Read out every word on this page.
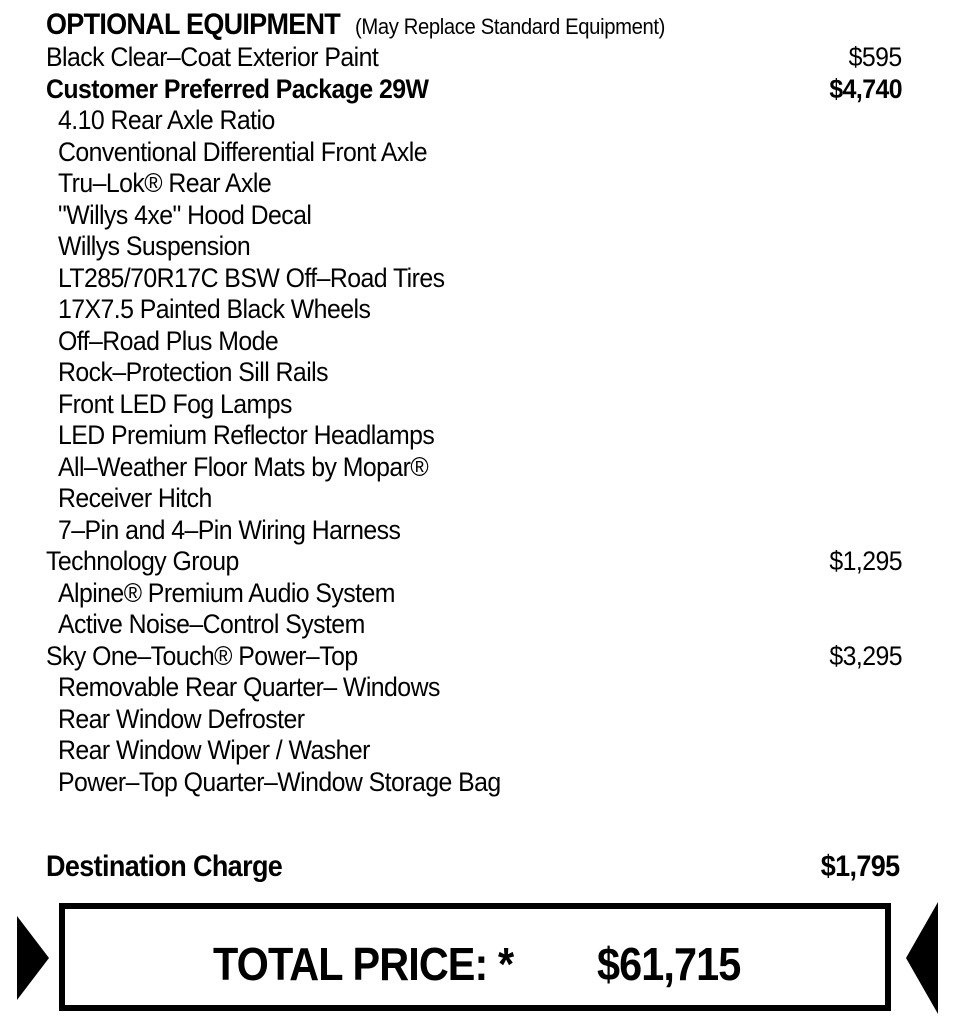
OPTIONAL EQUIPMENT (May Replace Standard Equipment)
Black Clear–Coat Exterior Paint	$595
Customer Preferred Package 29W	$4,740
4.10 Rear Axle Ratio
Conventional Differential Front Axle
Tru–Lok® Rear Axle
"Willys 4xe" Hood Decal
Willys Suspension
LT285/70R17C BSW Off–Road Tires
17X7.5 Painted Black Wheels
Off–Road Plus Mode
Rock–Protection Sill Rails
Front LED Fog Lamps
LED Premium Reflector Headlamps
All–Weather Floor Mats by Mopar®
Receiver Hitch
7–Pin and 4–Pin Wiring Harness
Technology Group	$1,295
Alpine® Premium Audio System
Active Noise–Control System
Sky One–Touch® Power–Top	$3,295
Removable Rear Quarter– Windows
Rear Window Defroster
Rear Window Wiper / Washer
Power–Top Quarter–Window Storage Bag
Destination Charge	$1,795
TOTAL PRICE: * $61,715
